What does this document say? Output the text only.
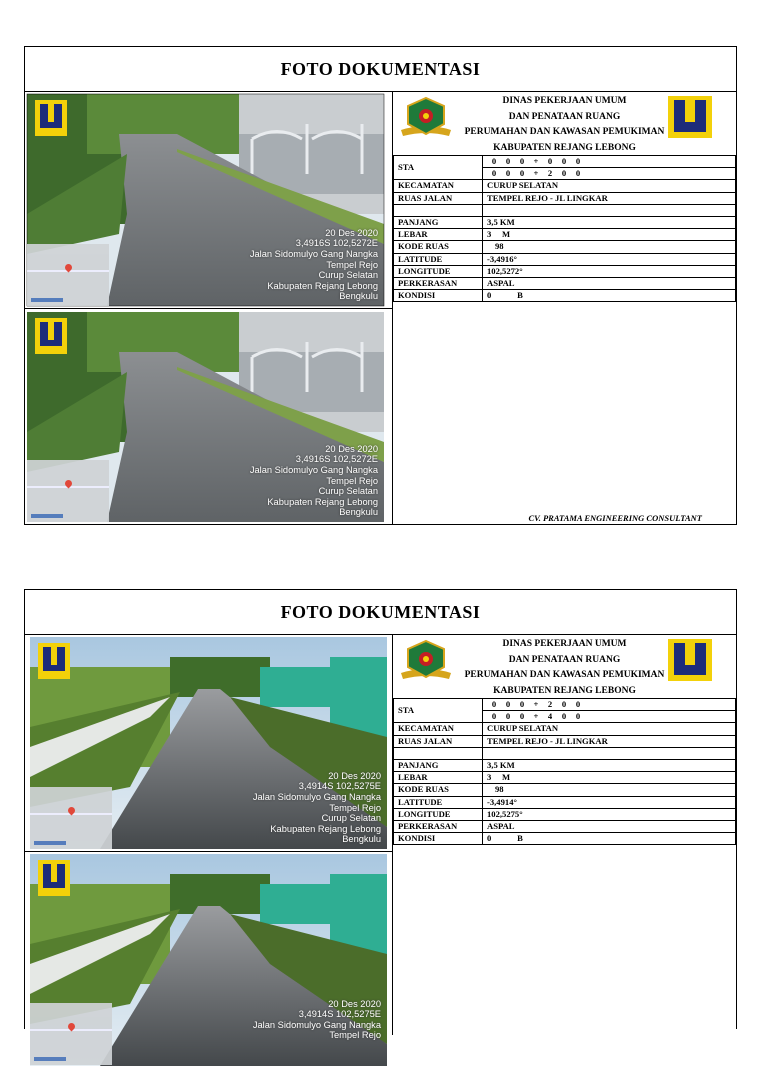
FOTO DOKUMENTASI
20 Des 2020
3,4916S 102,5272E
Jalan Sidomulyo Gang Nangka
Tempel Rejo
Curup Selatan
Kabupaten Rejang Lebong
Bengkulu
20 Des 2020
3,4916S 102,5272E
Jalan Sidomulyo Gang Nangka
Tempel Rejo
Curup Selatan
Kabupaten Rejang Lebong
Bengkulu
DINAS PEKERJAAN UMUM
DAN PENATAAN RUANG
PERUMAHAN DAN KAWASAN PEMUKIMAN
KABUPATEN REJANG LEBONG
STA	0 0 0 + 0 0 0
	0 0 0 + 2 0 0
KECAMATAN	CURUP SELATAN
RUAS JALAN	TEMPEL REJO - JL LINGKAR

PANJANG	3,5 KM
LEBAR	3     M
KODE RUAS	98
LATITUDE	-3,4916°
LONGITUDE	102,5272°
PERKERASAN	ASPAL
KONDISI	0            B
CV. PRATAMA ENGINEERING CONSULTANT
FOTO DOKUMENTASI
20 Des 2020
3,4914S 102,5275E
Jalan Sidomulyo Gang Nangka
Tempel Rejo
Curup Selatan
Kabupaten Rejang Lebong
Bengkulu
20 Des 2020
3,4914S 102,5275E
Jalan Sidomulyo Gang Nangka
Tempel Rejo
DINAS PEKERJAAN UMUM
DAN PENATAAN RUANG
PERUMAHAN DAN KAWASAN PEMUKIMAN
KABUPATEN REJANG LEBONG
STA	0 0 0 + 2 0 0
	0 0 0 + 4 0 0
KECAMATAN	CURUP SELATAN
RUAS JALAN	TEMPEL REJO - JL LINGKAR

PANJANG	3,5 KM
LEBAR	3     M
KODE RUAS	98
LATITUDE	-3,4914°
LONGITUDE	102,5275°
PERKERASAN	ASPAL
KONDISI	0            B
